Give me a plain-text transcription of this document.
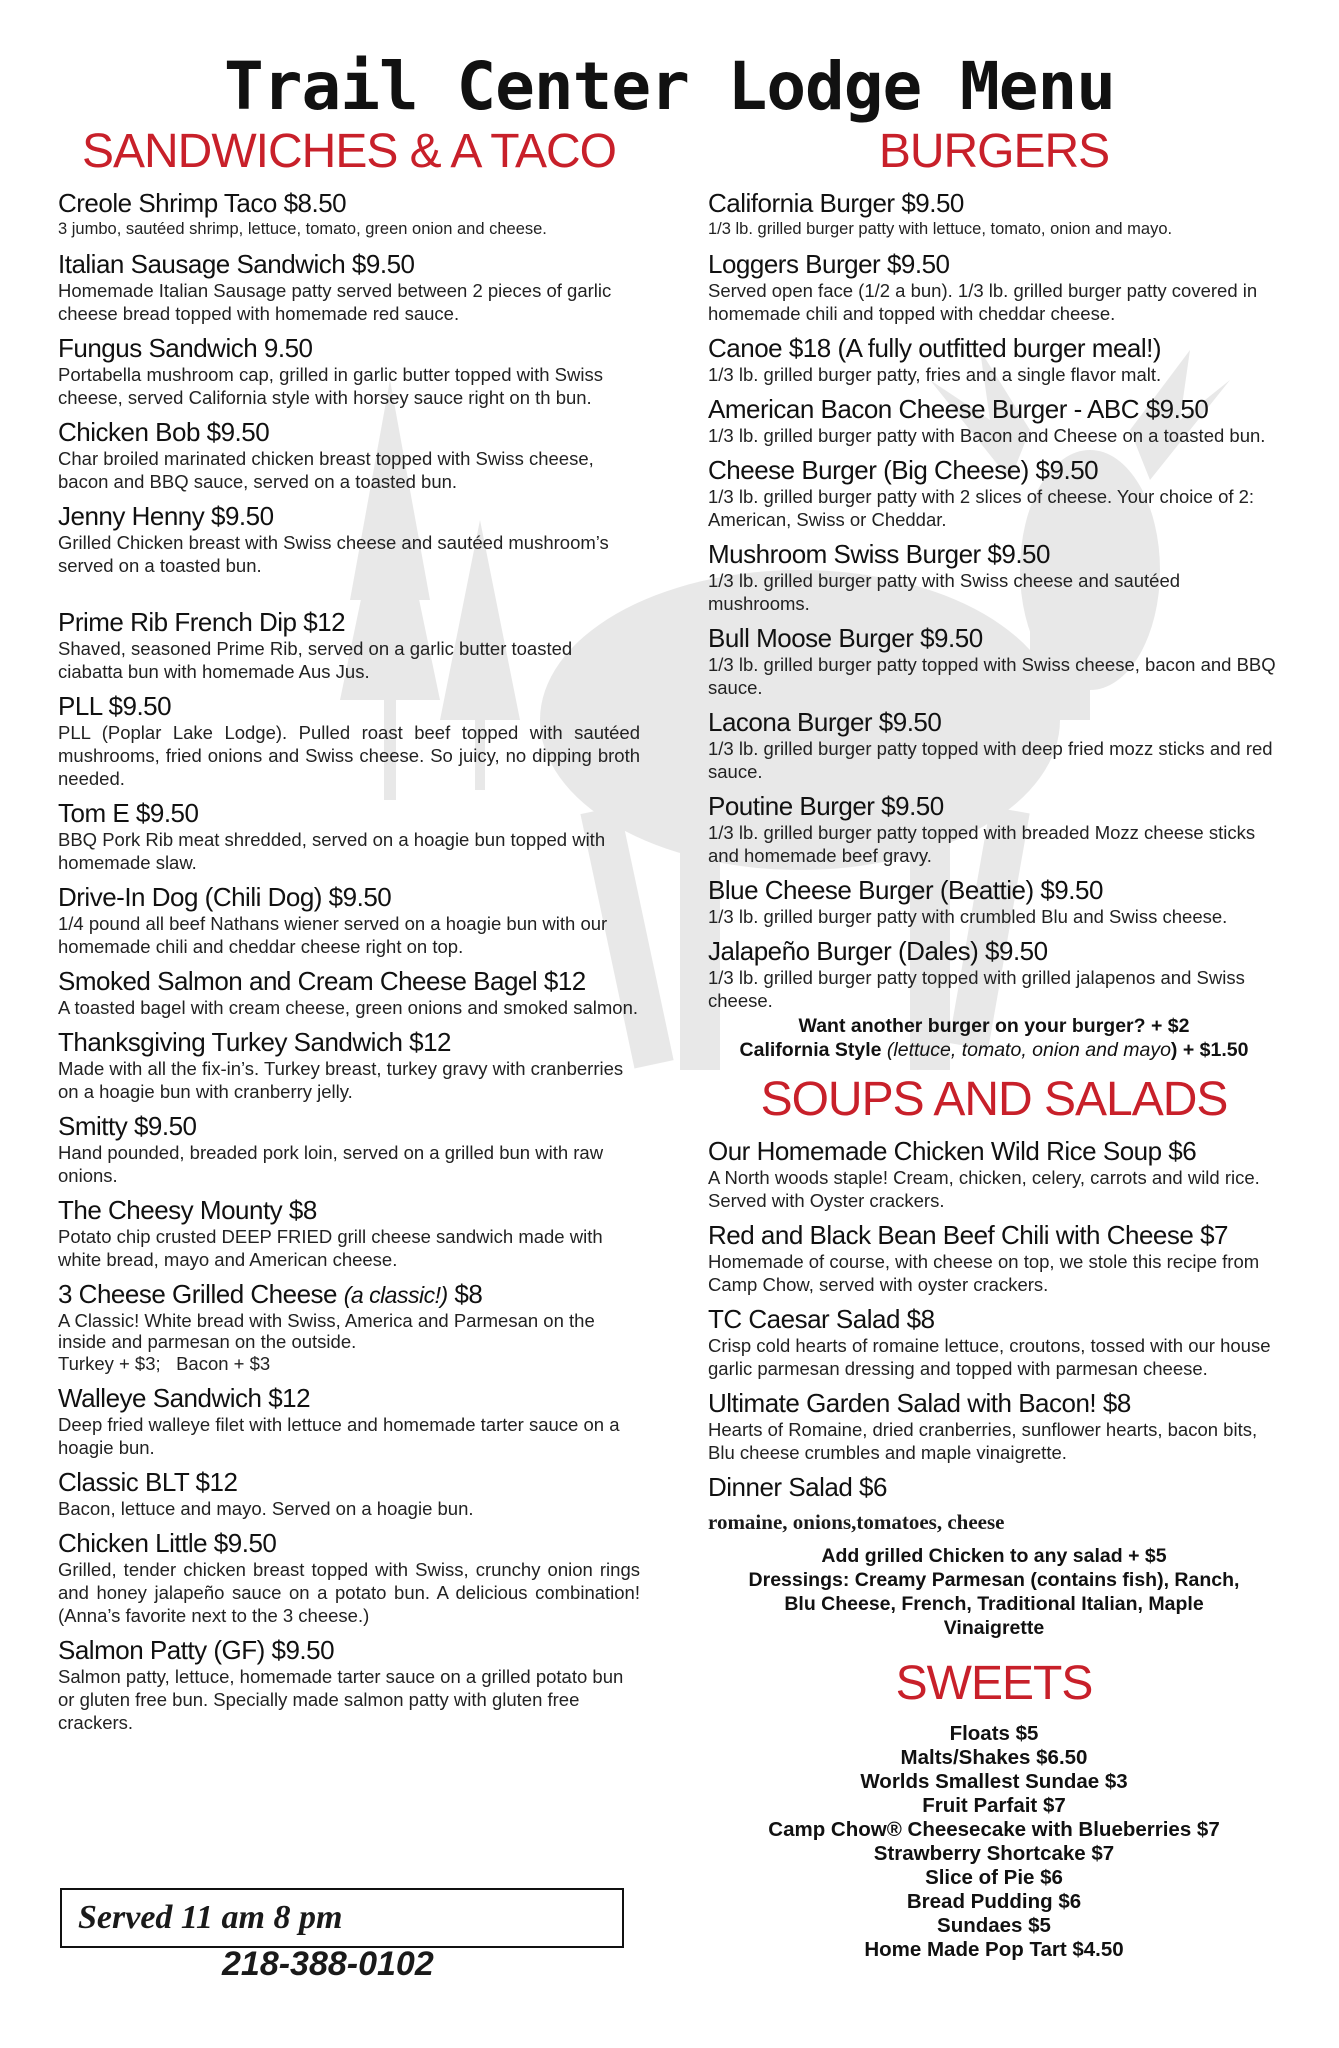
Trail Center Lodge Menu
SANDWICHES & A TACO
Creole Shrimp Taco $8.50
3 jumbo, sautéed shrimp, lettuce, tomato, green onion and cheese.
Italian Sausage Sandwich $9.50
Homemade Italian Sausage patty served between 2 pieces of garlic cheese bread topped with homemade red sauce.
Fungus Sandwich 9.50
Portabella mushroom cap, grilled in garlic butter topped with Swiss cheese, served California style with horsey sauce right on th bun.
Chicken Bob $9.50
Char broiled marinated chicken breast topped with Swiss cheese, bacon and BBQ sauce, served on a toasted bun.
Jenny Henny $9.50
Grilled Chicken breast with Swiss cheese and sautéed mushroom’s served on a toasted bun.
Prime Rib French Dip $12
Shaved, seasoned Prime Rib, served on a garlic butter toasted ciabatta bun with homemade Aus Jus.
PLL $9.50
PLL (Poplar Lake Lodge). Pulled roast beef topped with sautéed mushrooms, fried onions and Swiss cheese. So juicy, no dipping broth needed.
Tom E $9.50
BBQ Pork Rib meat shredded, served on a hoagie bun topped with homemade slaw.
Drive-In Dog (Chili Dog) $9.50
1/4 pound all beef Nathans wiener served on a hoagie bun with our homemade chili and cheddar cheese right on top.
Smoked Salmon and Cream Cheese Bagel $12
A toasted bagel with cream cheese, green onions and smoked salmon.
Thanksgiving Turkey Sandwich $12
Made with all the fix-in’s. Turkey breast, turkey gravy with cranberries on a hoagie bun with cranberry jelly.
Smitty $9.50
Hand pounded, breaded pork loin, served on a grilled bun with raw onions.
The Cheesy Mounty $8
Potato chip crusted DEEP FRIED grill cheese sandwich made with white bread, mayo and American cheese.
3 Cheese Grilled Cheese (a classic!) $8
A Classic! White bread with Swiss, America and Parmesan on the inside and parmesan on the outside.
Turkey + $3;   Bacon + $3
Walleye Sandwich $12
Deep fried walleye filet with lettuce and homemade tarter sauce on a hoagie bun.
Classic BLT $12
Bacon, lettuce and mayo. Served on a hoagie bun.
Chicken Little $9.50
Grilled, tender chicken breast topped with Swiss, crunchy onion rings and honey jalapeño sauce on a potato bun. A delicious combination! (Anna’s favorite next to the 3 cheese.)
Salmon Patty (GF) $9.50
Salmon patty, lettuce, homemade tarter sauce on a grilled potato bun or gluten free bun. Specially made salmon patty with gluten free crackers.
BURGERS
California Burger $9.50
1/3 lb. grilled burger patty with lettuce, tomato, onion and mayo.
Loggers Burger $9.50
Served open face (1/2 a bun). 1/3 lb. grilled burger patty covered in homemade chili and topped with cheddar cheese.
Canoe $18 (A fully outfitted burger meal!)
1/3 lb. grilled burger patty, fries and a single flavor malt.
American Bacon Cheese Burger - ABC $9.50
1/3 lb. grilled burger patty with Bacon and Cheese on a toasted bun.
Cheese Burger (Big Cheese) $9.50
1/3 lb. grilled burger patty with 2 slices of cheese. Your choice of 2: American, Swiss or Cheddar.
Mushroom Swiss Burger $9.50
1/3 lb. grilled burger patty with Swiss cheese and sautéed mushrooms.
Bull Moose Burger $9.50
1/3 lb. grilled burger patty topped with Swiss cheese, bacon and BBQ sauce.
Lacona Burger $9.50
1/3 lb. grilled burger patty topped with deep fried mozz sticks and red sauce.
Poutine Burger $9.50
1/3 lb. grilled burger patty topped with breaded Mozz cheese sticks and homemade beef gravy.
Blue Cheese Burger (Beattie) $9.50
1/3 lb. grilled burger patty with crumbled Blu and Swiss cheese.
Jalapeño Burger (Dales) $9.50
1/3 lb. grilled burger patty topped with grilled jalapenos and Swiss cheese.
Want another burger on your burger? + $2
California Style (lettuce, tomato, onion and mayo) + $1.50
SOUPS AND SALADS
Our Homemade Chicken Wild Rice Soup $6
A North woods staple! Cream, chicken, celery, carrots and wild rice. Served with Oyster crackers.
Red and Black Bean Beef Chili with Cheese $7
Homemade of course, with cheese on top, we stole this recipe from Camp Chow, served with oyster crackers.
TC Caesar Salad $8
Crisp cold hearts of romaine lettuce, croutons, tossed with our house garlic parmesan dressing and topped with parmesan cheese.
Ultimate Garden Salad with Bacon! $8
Hearts of Romaine, dried cranberries, sunflower hearts, bacon bits, Blu cheese crumbles and maple vinaigrette.
Dinner Salad $6
romaine, onions,tomatoes, cheese
Add grilled Chicken to any salad + $5
Dressings: Creamy Parmesan (contains fish), Ranch, Blu Cheese, French, Traditional Italian, Maple Vinaigrette
SWEETS
Floats $5
Malts/Shakes $6.50
Worlds Smallest Sundae $3
Fruit Parfait $7
Camp Chow® Cheesecake with Blueberries $7
Strawberry Shortcake $7
Slice of Pie $6
Bread Pudding $6
Sundaes $5
Home Made Pop Tart $4.50
Served 11 am 8 pm
218-388-0102
